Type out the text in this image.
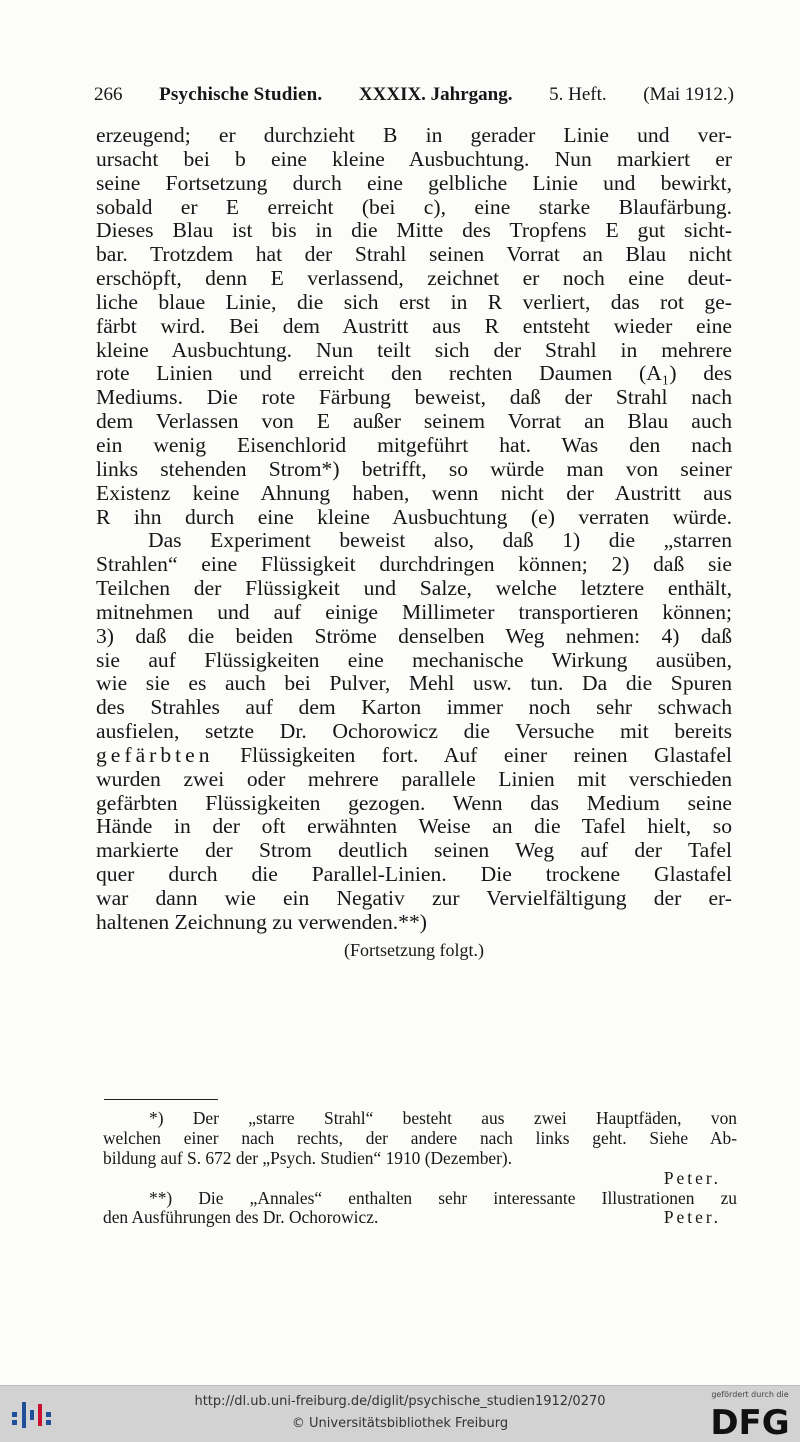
266 Psychische Studien. XXXIX. Jahrgang. 5. Heft. (Mai 1912.)
erzeugend; er durchzieht B in gerader Linie und ver-
ursacht bei b eine kleine Ausbuchtung. Nun markiert er
seine Fortsetzung durch eine gelbliche Linie und bewirkt,
sobald er E erreicht (bei c), eine starke Blaufärbung.
Dieses Blau ist bis in die Mitte des Tropfens E gut sicht-
bar. Trotzdem hat der Strahl seinen Vorrat an Blau nicht
erschöpft, denn E verlassend, zeichnet er noch eine deut-
liche blaue Linie, die sich erst in R verliert, das rot ge-
färbt wird. Bei dem Austritt aus R entsteht wieder eine
kleine Ausbuchtung. Nun teilt sich der Strahl in mehrere
rote Linien und erreicht den rechten Daumen (A₁) des
Mediums. Die rote Färbung beweist, daß der Strahl nach
dem Verlassen von E außer seinem Vorrat an Blau auch
ein wenig Eisenchlorid mitgeführt hat. Was den nach
links stehenden Strom*) betrifft, so würde man von seiner
Existenz keine Ahnung haben, wenn nicht der Austritt aus
R ihn durch eine kleine Ausbuchtung (e) verraten würde.
Das Experiment beweist also, daß 1) die „starren
Strahlen“ eine Flüssigkeit durchdringen können; 2) daß sie
Teilchen der Flüssigkeit und Salze, welche letztere enthält,
mitnehmen und auf einige Millimeter transportieren können;
3) daß die beiden Ströme denselben Weg nehmen: 4) daß
sie auf Flüssigkeiten eine mechanische Wirkung ausüben,
wie sie es auch bei Pulver, Mehl usw. tun. Da die Spuren
des Strahles auf dem Karton immer noch sehr schwach
ausfielen, setzte Dr. Ochorowicz die Versuche mit bereits
gefärbten Flüssigkeiten fort. Auf einer reinen Glastafel
wurden zwei oder mehrere parallele Linien mit verschieden
gefärbten Flüssigkeiten gezogen. Wenn das Medium seine
Hände in der oft erwähnten Weise an die Tafel hielt, so
markierte der Strom deutlich seinen Weg auf der Tafel
quer durch die Parallel-Linien. Die trockene Glastafel
war dann wie ein Negativ zur Vervielfältigung der er-
haltenen Zeichnung zu verwenden.**)
(Fortsetzung folgt.)
*) Der „starre Strahl“ besteht aus zwei Hauptfäden, von
welchen einer nach rechts, der andere nach links geht. Siehe Ab-
bildung auf S. 672 der „Psych. Studien“ 1910 (Dezember).
Peter.
**) Die „Annales“ enthalten sehr interessante Illustrationen zu
den Ausführungen des Dr. Ochorowicz.	Peter.
http://dl.ub.uni-freiburg.de/diglit/psychische_studien1912/0270
© Universitätsbibliothek Freiburg
gefördert durch die
DFG
